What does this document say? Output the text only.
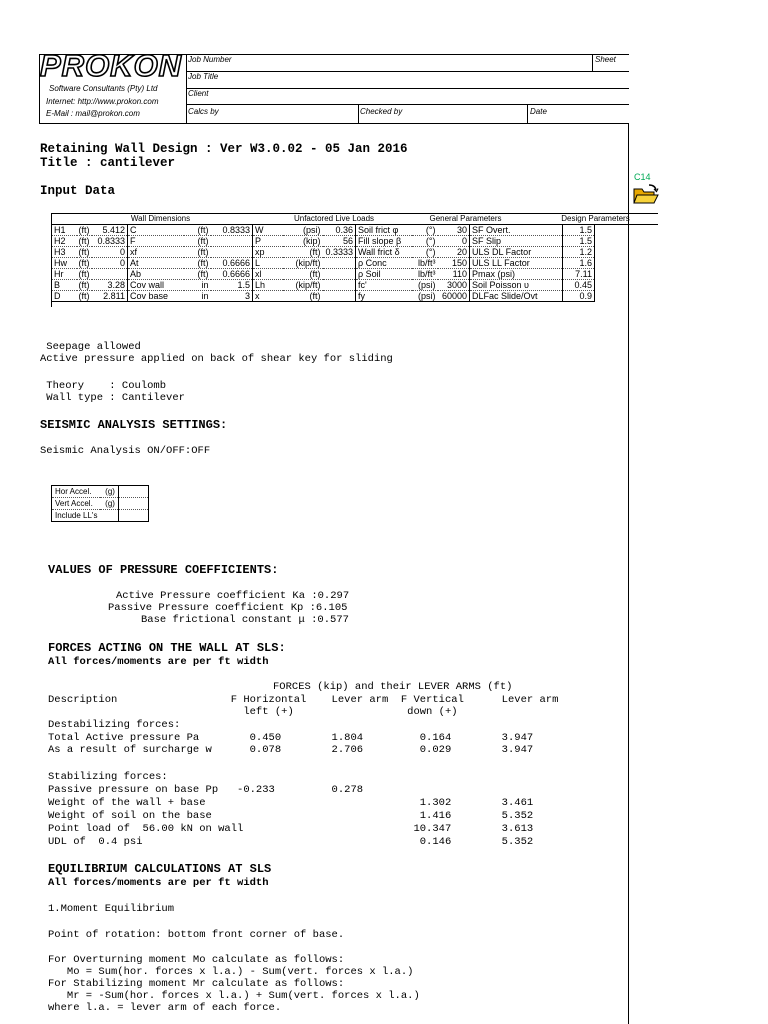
PROKON
Software Consultants (Pty) Ltd
Internet: http://www.prokon.com
E-Mail : mail@prokon.com
Job Number	Sheet
Job Title
Client
Calcs by	Checked by	Date
Retaining Wall Design : Ver W3.0.02 - 05 Jan 2016
Title : cantilever
Input Data
C14
Wall Dimensions	Unfactored Live Loads	General Parameters	Design Parameters
H1	(ft)	5.412	C	(ft)	0.8333	W	(psi)	0.36	Soil frict φ	(°)	30	SF Overt.	1.5
H2	(ft)	0.8333	F	(ft)		P	(kip)	56	Fill slope β	(°)	0	SF Slip	1.5
H3	(ft)	0	xf	(ft)		xp	(ft)	0.3333	Wall frict δ	(°)	20	ULS DL Factor	1.2
Hw	(ft)	0	At	(ft)	0.6666	L	(kip/ft)		ρ Conc	lb/ft³	150	ULS LL Factor	1.6
Hr	(ft)		Ab	(ft)	0.6666	xl	(ft)		ρ Soil	lb/ft³	110	Pmax (psi)	7.11
B	(ft)	3.28	Cov wall	in	1.5	Lh	(kip/ft)		fc'	(psi)	3000	Soil Poisson υ	0.45
D	(ft)	2.811	Cov base	in	3	x	(ft)		fy	(psi)	60000	DLFac Slide/Ovt	0.9
Seepage allowed
Active pressure applied on back of shear key for sliding
Theory    : Coulomb
Wall type : Cantilever
SEISMIC ANALYSIS SETTINGS:
Seismic Analysis ON/OFF:OFF
Hor Accel.	(g)	
Vert Accel.	(g)	
Include LL's		
VALUES OF PRESSURE COEFFICIENTS:
Active Pressure coefficient Ka :0.297
Passive Pressure coefficient Kp :6.105
Base frictional constant μ :0.577
FORCES ACTING ON THE WALL AT SLS:
All forces/moments are per ft width
FORCES (kip) and their LEVER ARMS (ft)
Description                  F Horizontal    Lever arm  F Vertical      Lever arm
left (+)                  down (+)
Destabilizing forces:
Total Active pressure Pa        0.450        1.804         0.164        3.947
As a result of surcharge w      0.078        2.706         0.029        3.947
Stabilizing forces:
Passive pressure on base Pp   -0.233         0.278
Weight of the wall + base                                  1.302        3.461
Weight of soil on the base                                 1.416        5.352
Point load of  56.00 kN on wall                           10.347        3.613
UDL of  0.4 psi                                            0.146        5.352
EQUILIBRIUM CALCULATIONS AT SLS
All forces/moments are per ft width
1.Moment Equilibrium
Point of rotation: bottom front corner of base.
For Overturning moment Mo calculate as follows:
Mo = Sum(hor. forces x l.a.) - Sum(vert. forces x l.a.)
For Stabilizing moment Mr calculate as follows:
Mr = -Sum(hor. forces x l.a.) + Sum(vert. forces x l.a.)
where l.a. = lever arm of each force.
